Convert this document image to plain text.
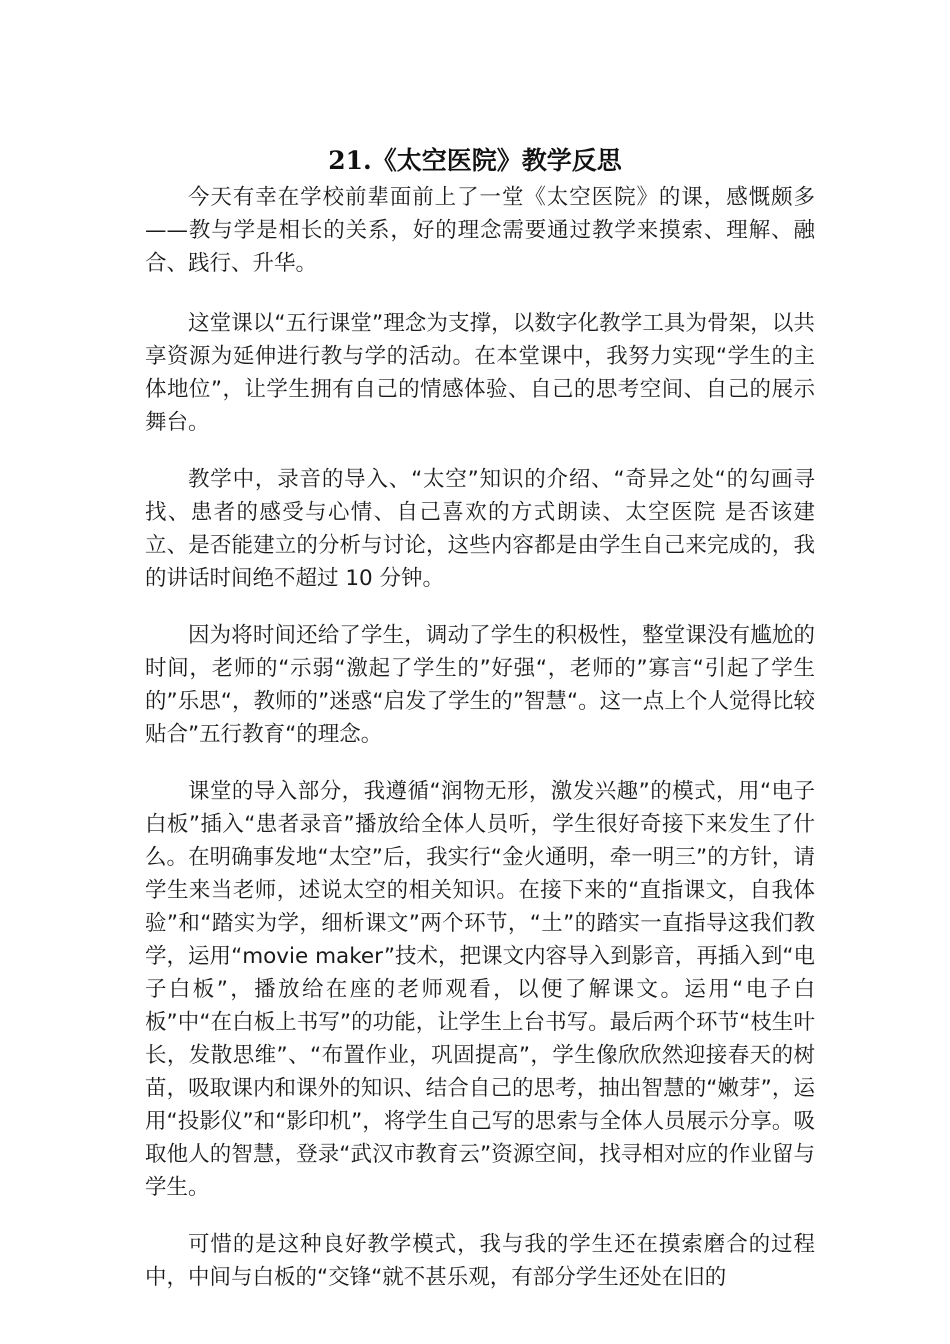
21.《太空医院》教学反思

今天有幸在学校前辈面前上了一堂《太空医院》的课，感慨颇多——教与学是相长的关系，好的理念需要通过教学来摸索、理解、融合、践行、升华。

这堂课以“五行课堂”理念为支撑，以数字化教学工具为骨架，以共享资源为延伸进行教与学的活动。在本堂课中，我努力实现“学生的主体地位”，让学生拥有自己的情感体验、自己的思考空间、自己的展示舞台。

教学中，录音的导入、“太空”知识的介绍、“奇异之处“的勾画寻找、患者的感受与心情、自己喜欢的方式朗读、太空医院 是否该建立、是否能建立的分析与讨论，这些内容都是由学生自己来完成的，我的讲话时间绝不超过 10 分钟。

因为将时间还给了学生，调动了学生的积极性，整堂课没有尴尬的时间，老师的“示弱“激起了学生的”好强“，老师的”寡言“引起了学生的”乐思“，教师的”迷惑“启发了学生的”智慧“。这一点上个人觉得比较贴合”五行教育“的理念。

课堂的导入部分，我遵循“润物无形，激发兴趣”的模式，用“电子白板”插入“患者录音”播放给全体人员听，学生很好奇接下来发生了什么。在明确事发地“太空”后，我实行“金火通明，牵一明三”的方针，请学生来当老师，述说太空的相关知识。在接下来的“直指课文，自我体验”和“踏实为学，细析课文”两个环节，“土”的踏实一直指导这我们教学，运用“movie maker”技术，把课文内容导入到影音，再插入到“电子白板”，播放给在座的老师观看，以便了解课文。运用“电子白板”中“在白板上书写”的功能，让学生上台书写。最后两个环节“枝生叶长，发散思维”、“布置作业，巩固提高”，学生像欣欣然迎接春天的树苗，吸取课内和课外的知识、结合自己的思考，抽出智慧的“嫩芽”，运用“投影仪”和“影印机”，将学生自己写的思索与全体人员展示分享。吸取他人的智慧，登录“武汉市教育云”资源空间，找寻相对应的作业留与学生。

可惜的是这种良好教学模式，我与我的学生还在摸索磨合的过程中，中间与白板的“交锋“就不甚乐观，有部分学生还处在旧的
